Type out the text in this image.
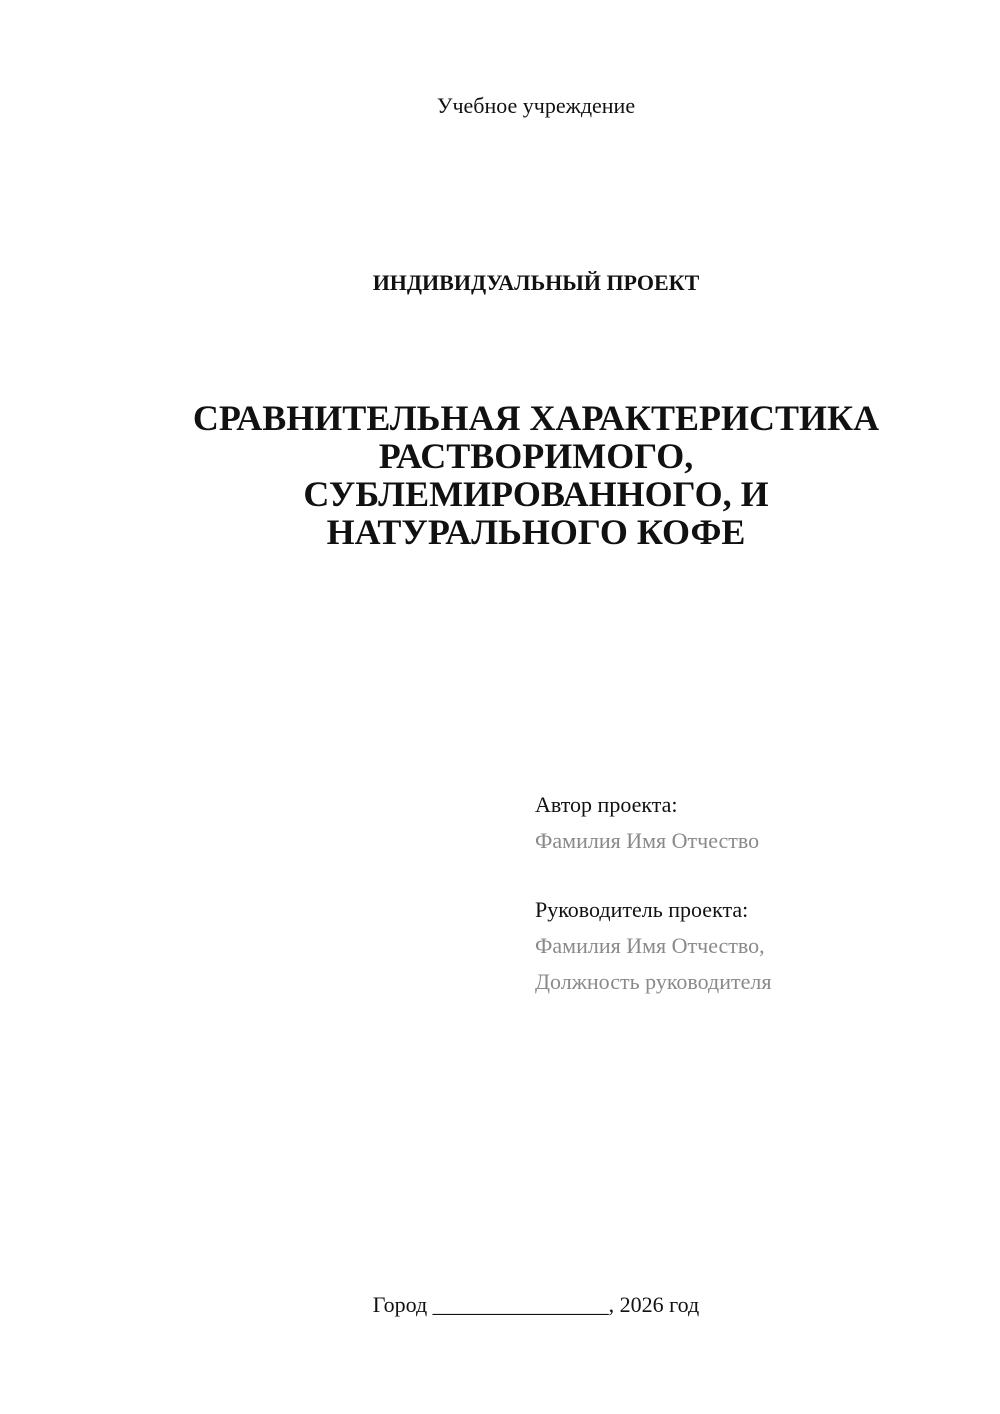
Учебное учреждение
ИНДИВИДУАЛЬНЫЙ ПРОЕКТ
СРАВНИТЕЛЬНАЯ ХАРАКТЕРИСТИКА
РАСТВОРИМОГО,
СУБЛЕМИРОВАННОГО, И
НАТУРАЛЬНОГО КОФЕ
Автор проекта:
Фамилия Имя Отчество
Руководитель проекта:
Фамилия Имя Отчество,
Должность руководителя
Город ________________, 2026 год
